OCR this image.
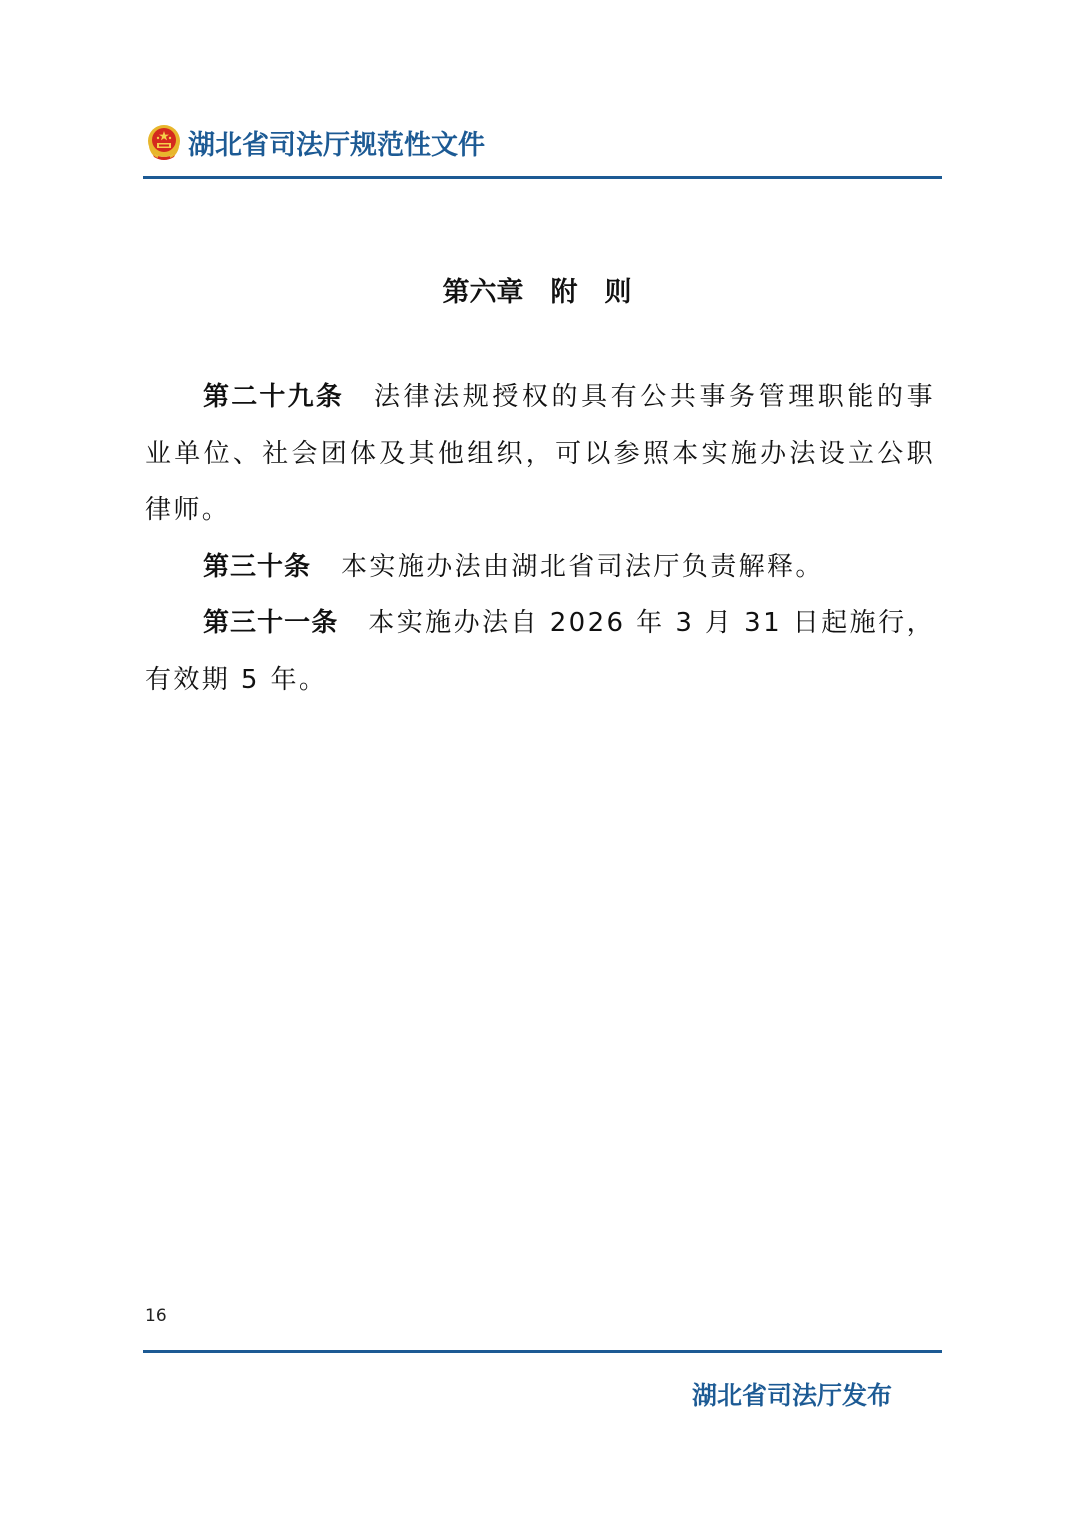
湖北省司法厅规范性文件
第六章　附　则

第二十九条 法律法规授权的具有公共事务管理职能的事业单位、社会团体及其他组织，可以参照本实施办法设立公职律师。

第三十条 本实施办法由湖北省司法厅负责解释。

第三十一条 本实施办法自 2026 年 3 月 31 日起施行，有效期 5 年。

16
湖北省司法厅发布
